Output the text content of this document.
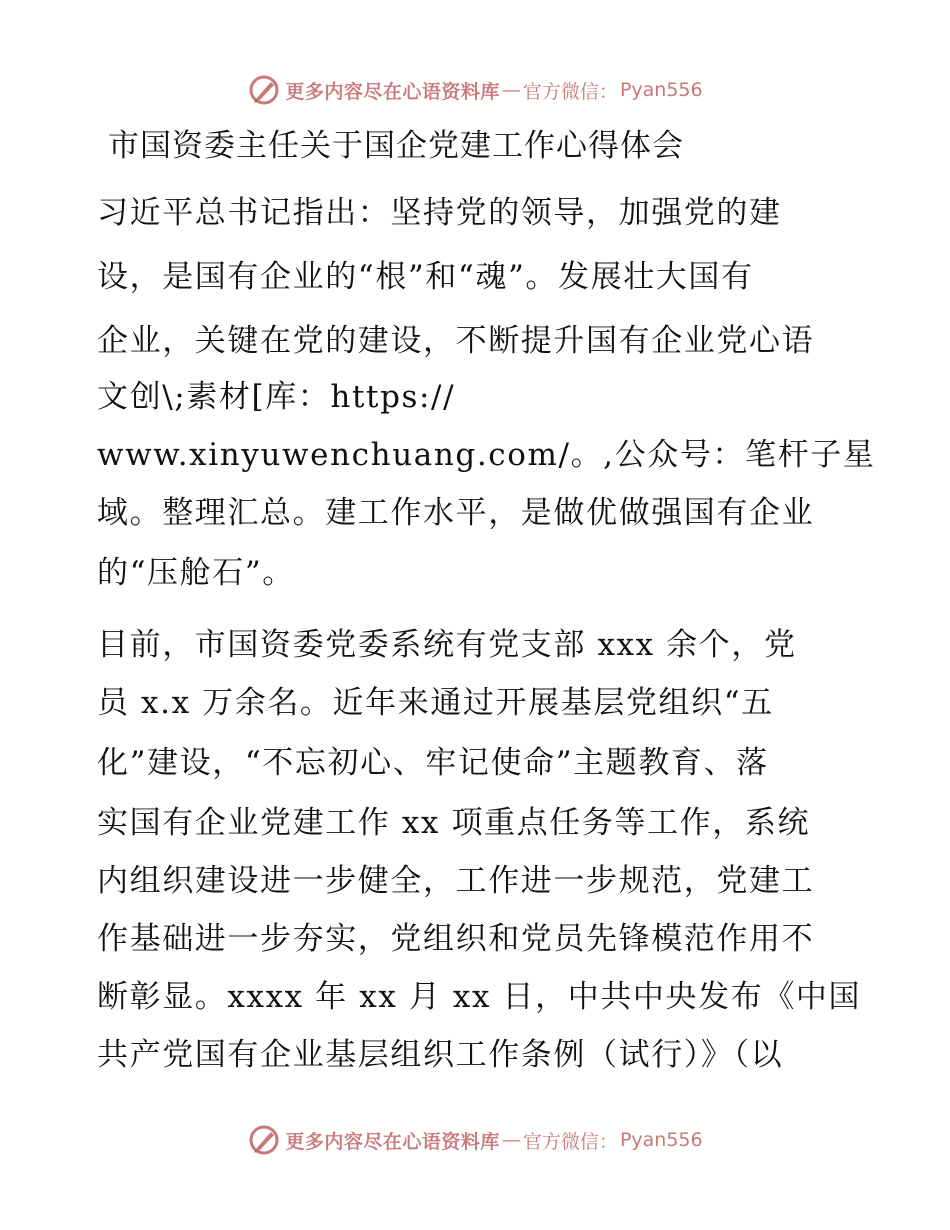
更多内容尽在心语资料库 — 官方微信： Pyan556
市国资委主任关于国企党建工作心得体会
习近平总书记指出：坚持党的领导，加强党的建
设，是国有企业的“根”和“魂”。发展壮大国有
企业，关键在党的建设，不断提升国有企业党心语
文创\;素材[库：https://
www.xinyuwenchuang.com/。,公众号：笔杆子星
域。整理汇总。建工作水平，是做优做强国有企业
的“压舱石”。
目前，市国资委党委系统有党支部 xxx 余个，党
员 x.x 万余名。近年来通过开展基层党组织“五
化”建设，“不忘初心、牢记使命”主题教育、落
实国有企业党建工作 xx 项重点任务等工作，系统
内组织建设进一步健全，工作进一步规范，党建工
作基础进一步夯实，党组织和党员先锋模范作用不
断彰显。xxxx 年 xx 月 xx 日，中共中央发布《中国
共产党国有企业基层组织工作条例（试行）》（以
更多内容尽在心语资料库 — 官方微信： Pyan556
